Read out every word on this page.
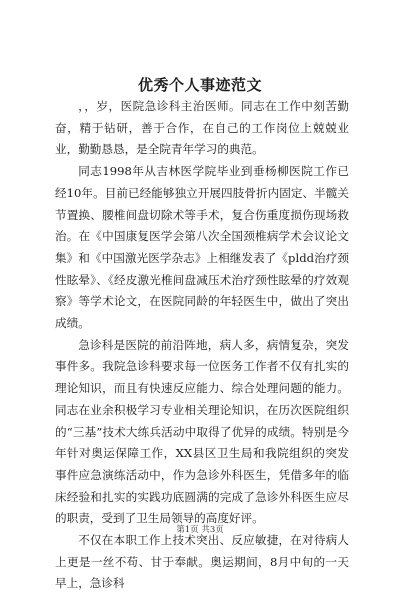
优秀个人事迹范文

，，岁，医院急诊科主治医师。同志在工作中刻苦勤奋，精于钻研，善于合作，在自己的工作岗位上兢兢业业，勤勤恳恳，是全院青年学习的典范。

同志1998年从吉林医学院毕业到垂杨柳医院工作已经10年。目前已经能够独立开展四肢骨折内固定、半髋关节置换、腰椎间盘切除术等手术，复合伤重度损伤现场救治。在《中国康复医学会第八次全国颈椎病学术会议论文集》和《中国激光医学杂志》上相继发表了《pldd治疗颈性眩晕》、《经皮激光椎间盘减压术治疗颈性眩晕的疗效观察》等学术论文，在医院同龄的年轻医生中，做出了突出成绩。

急诊科是医院的前沿阵地，病人多，病情复杂，突发事件多。我院急诊科要求每一位医务工作者不仅有扎实的理论知识，而且有快速反应能力、综合处理问题的能力。同志在业余积极学习专业相关理论知识，在历次医院组织的“三基”技术大练兵活动中取得了优异的成绩。特别是今年针对奥运保障工作，XX县区卫生局和我院组织的突发事件应急演练活动中，作为急诊外科医生，凭借多年的临床经验和扎实的实践功底圆满的完成了急诊外科医生应尽的职责，受到了卫生局领导的高度好评。

不仅在本职工作上技术突出、反应敏捷，在对待病人上更是一丝不苟、甘于奉献。奥运期间，8月中旬的一天早上，急诊科

第1页 共3页
